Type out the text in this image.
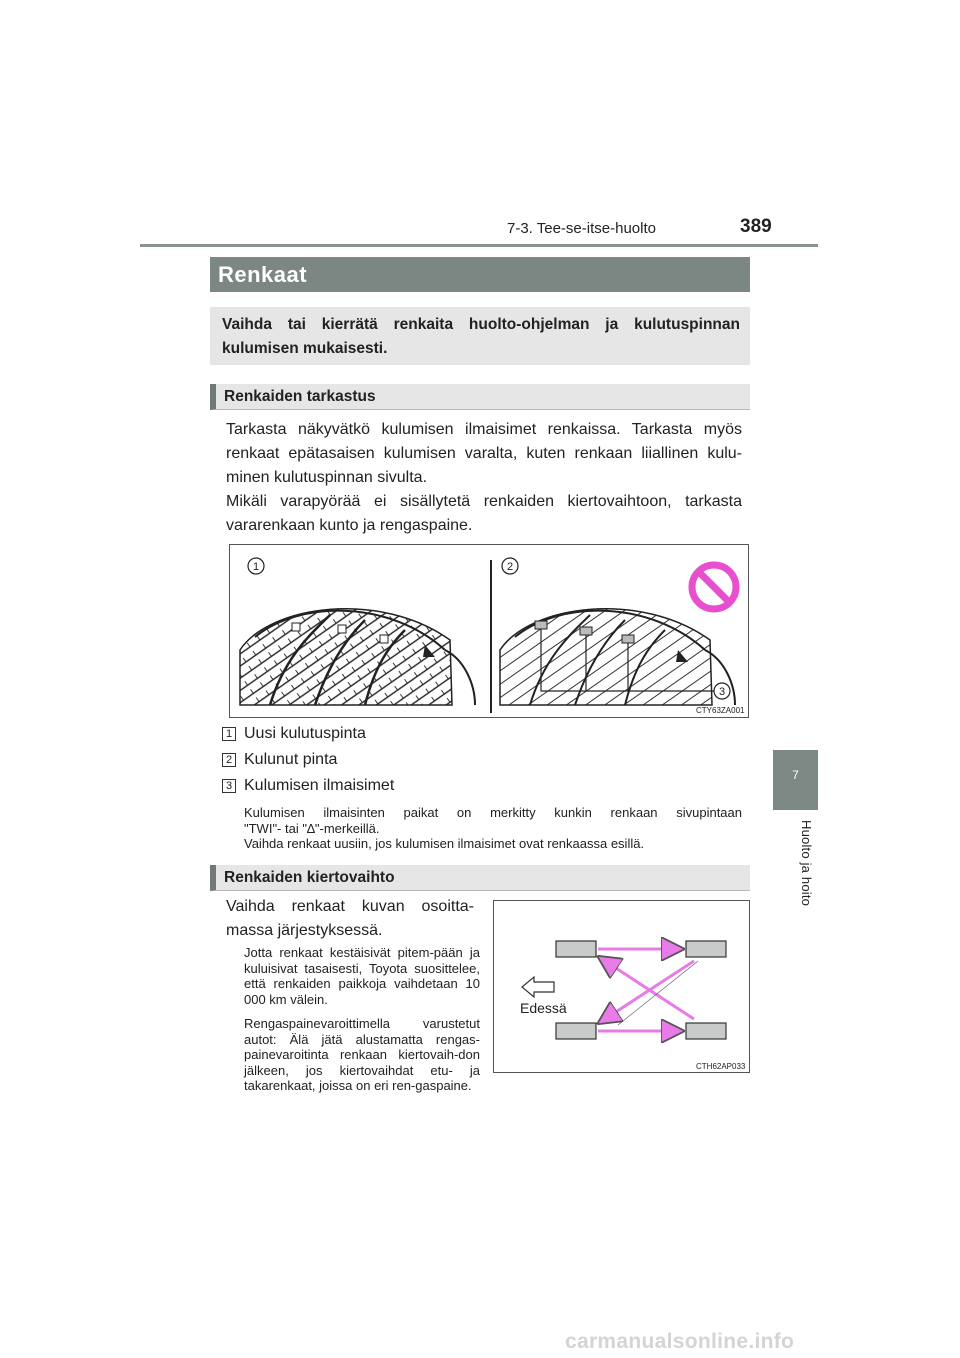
7-3. Tee-se-itse-huolto	389
7
Huolto ja hoito
Renkaat
Vaihda tai kierrätä renkaita huolto-ohjelman ja kulutuspinnan kulumisen mukaisesti.
Renkaiden tarkastus
Tarkasta näkyvätkö kulumisen ilmaisimet renkaissa. Tarkasta myös renkaat epätasaisen kulumisen varalta, kuten renkaan liiallinen kulu-minen kulutuspinnan sivulta.
Mikäli varapyörää ei sisällytetä renkaiden kiertovaihtoon, tarkasta vararenkaan kunto ja rengaspaine.
1	2
3
CTY63ZA001
1 Uusi kulutuspinta
2 Kulunut pinta
3 Kulumisen ilmaisimet
Kulumisen ilmaisinten paikat on merkitty kunkin renkaan sivupintaan
"TWI"- tai "∆"-merkeillä.
Vaihda renkaat uusiin, jos kulumisen ilmaisimet ovat renkaassa esillä.
Renkaiden kiertovaihto
Vaihda renkaat kuvan osoitta-
massa järjestyksessä.
Jotta renkaat kestäisivät pitem-pään ja kuluisivat tasaisesti, Toyota suosittelee, että renkaiden paikkoja vaihdetaan 10 000 km välein.
Rengaspainevaroittimella varustetut autot: Älä jätä alustamatta rengas-painevaroitinta renkaan kiertovaih-don jälkeen, jos kiertovaihdat etu- ja takarenkaat, joissa on eri ren-gaspaine.
Edessä
CTH62AP033
carmanualsonline.info
